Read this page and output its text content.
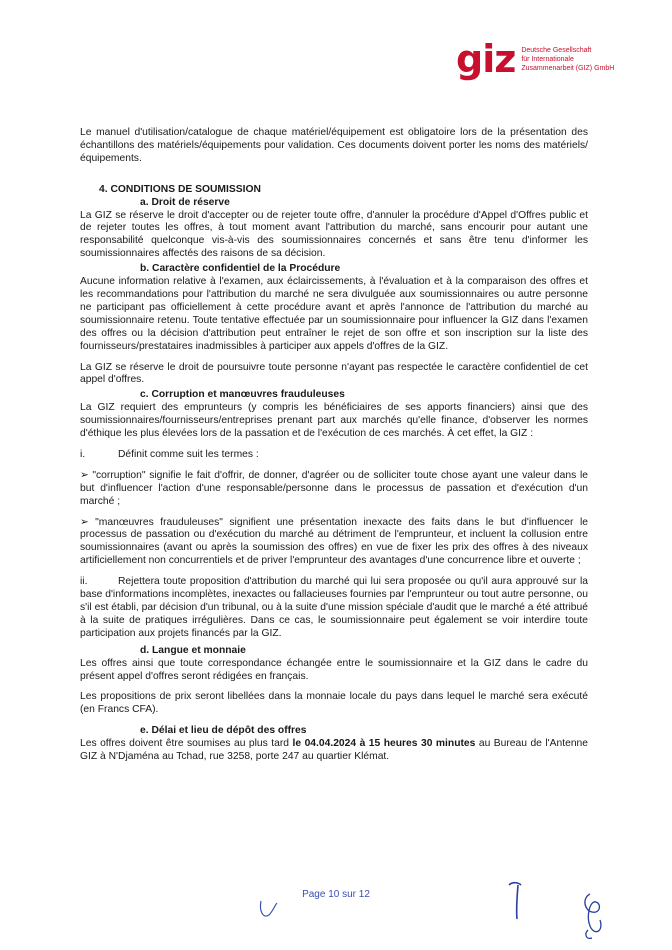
giz Deutsche Gesellschaft
für Internationale
Zusammenarbeit (GIZ) GmbH

Le manuel d'utilisation/catalogue de chaque matériel/équipement est obligatoire lors de la présentation des échantillons des matériels/équipements pour validation. Ces documents doivent porter les noms des matériels/équipements.

4. CONDITIONS DE SOUMISSION
a. Droit de réserve

La GIZ se réserve le droit d'accepter ou de rejeter toute offre, d'annuler la procédure d'Appel d'Offres public et de rejeter toutes les offres, à tout moment avant l'attribution du marché, sans encourir pour autant une responsabilité quelconque vis-à-vis des soumissionnaires concernés et sans être tenu d'informer les soumissionnaires affectés des raisons de sa décision.

b. Caractère confidentiel de la Procédure

Aucune information relative à l'examen, aux éclaircissements, à l'évaluation et à la comparaison des offres et les recommandations pour l'attribution du marché ne sera divulguée aux soumissionnaires ou autre personne ne participant pas officiellement à cette procédure avant et après l'annonce de l'attribution du marché au soumissionnaire retenu. Toute tentative effectuée par un soumissionnaire pour influencer la GIZ dans l'examen des offres ou la décision d'attribution peut entraîner le rejet de son offre et son inscription sur la liste des fournisseurs/prestataires inadmissibles à participer aux appels d'offres de la GIZ.

La GIZ se réserve le droit de poursuivre toute personne n'ayant pas respectée le caractère confidentiel de cet appel d'offres.

c. Corruption et manœuvres frauduleuses

La GIZ requiert des emprunteurs (y compris les bénéficiaires de ses apports financiers) ainsi que des soumissionnaires/fournisseurs/entreprises prenant part aux marchés qu'elle finance, d'observer les normes d'éthique les plus élevées lors de la passation et de l'exécution de ces marchés. À cet effet, la GIZ :

i.	Définit comme suit les termes :

➢ "corruption" signifie le fait d'offrir, de donner, d'agréer ou de solliciter toute chose ayant une valeur dans le but d'influencer l'action d'une responsable/personne dans le processus de passation et d'exécution d'un marché ;

➢ "manœuvres frauduleuses" signifient une présentation inexacte des faits dans le but d'influencer le processus de passation ou d'exécution du marché au détriment de l'emprunteur, et incluent la collusion entre soumissionnaires (avant ou après la soumission des offres) en vue de fixer les prix des offres à des niveaux artificiellement non concurrentiels et de priver l'emprunteur des avantages d'une concurrence libre et ouverte ;

ii.	Rejettera toute proposition d'attribution du marché qui lui sera proposée ou qu'il aura approuvé sur la base d'informations incomplètes, inexactes ou fallacieuses fournies par l'emprunteur ou tout autre personne, ou s'il est établi, par décision d'un tribunal, ou à la suite d'une mission spéciale d'audit que le marché a été attribué à la suite de pratiques irrégulières. Dans ce cas, le soumissionnaire peut également se voir interdire toute participation aux projets financés par la GIZ.

d. Langue et monnaie

Les offres ainsi que toute correspondance échangée entre le soumissionnaire et la GIZ dans le cadre du présent appel d'offres seront rédigées en français.

Les propositions de prix seront libellées dans la monnaie locale du pays dans lequel le marché sera exécuté (en Francs CFA).

e. Délai et lieu de dépôt des offres

Les offres doivent être soumises au plus tard le 04.04.2024 à 15 heures 30 minutes au Bureau de l'Antenne GIZ à N'Djaména au Tchad, rue 3258, porte 247 au quartier Klémat.

Page 10 sur 12
